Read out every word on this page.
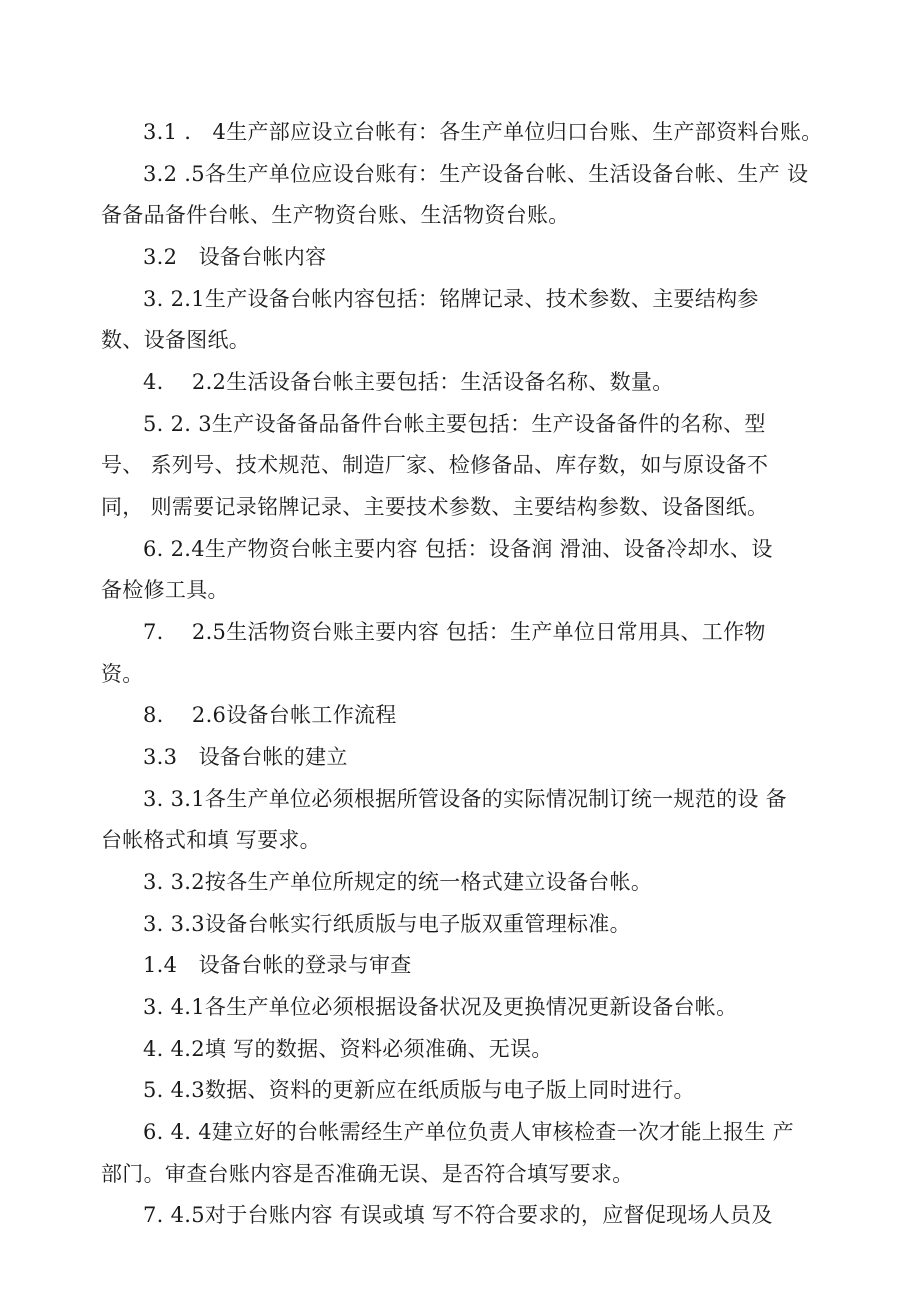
3.1 .　4生产部应设立台帐有：各生产单位归口台账、生产部资料台账。
3.2 .5各生产单位应设台账有：生产设备台帐、生活设备台帐、生产 设
备备品备件台帐、生产物资台账、生活物资台账。
3.2　设备台帐内容
3. 2.1生产设备台帐内容包括：铭牌记录、技术参数、主要结构参
数、设备图纸。
4.　 2.2生活设备台帐主要包括：生活设备名称、数量。
5. 2. 3生产设备备品备件台帐主要包括：生产设备备件的名称、型
号、 系列号、技术规范、制造厂家、检修备品、库存数，如与原设备不
同， 则需要记录铭牌记录、主要技术参数、主要结构参数、设备图纸。
6. 2.4生产物资台帐主要内容 包括：设备润 滑油、设备冷却水、设
备检修工具。
7.　 2.5生活物资台账主要内容 包括：生产单位日常用具、工作物
资。
8.　 2.6设备台帐工作流程
3.3　设备台帐的建立
3. 3.1各生产单位必须根据所管设备的实际情况制订统一规范的设 备
台帐格式和填 写要求。
3. 3.2按各生产单位所规定的统一格式建立设备台帐。
3. 3.3设备台帐实行纸质版与电子版双重管理标准。
1.4　设备台帐的登录与审查
3. 4.1各生产单位必须根据设备状况及更换情况更新设备台帐。
4. 4.2填 写的数据、资料必须准确、无误。
5. 4.3数据、资料的更新应在纸质版与电子版上同时进行。
6. 4. 4建立好的台帐需经生产单位负责人审核检查一次才能上报生 产
部门。审查台账内容是否准确无误、是否符合填写要求。
7. 4.5对于台账内容 有误或填 写不符合要求的，应督促现场人员及
